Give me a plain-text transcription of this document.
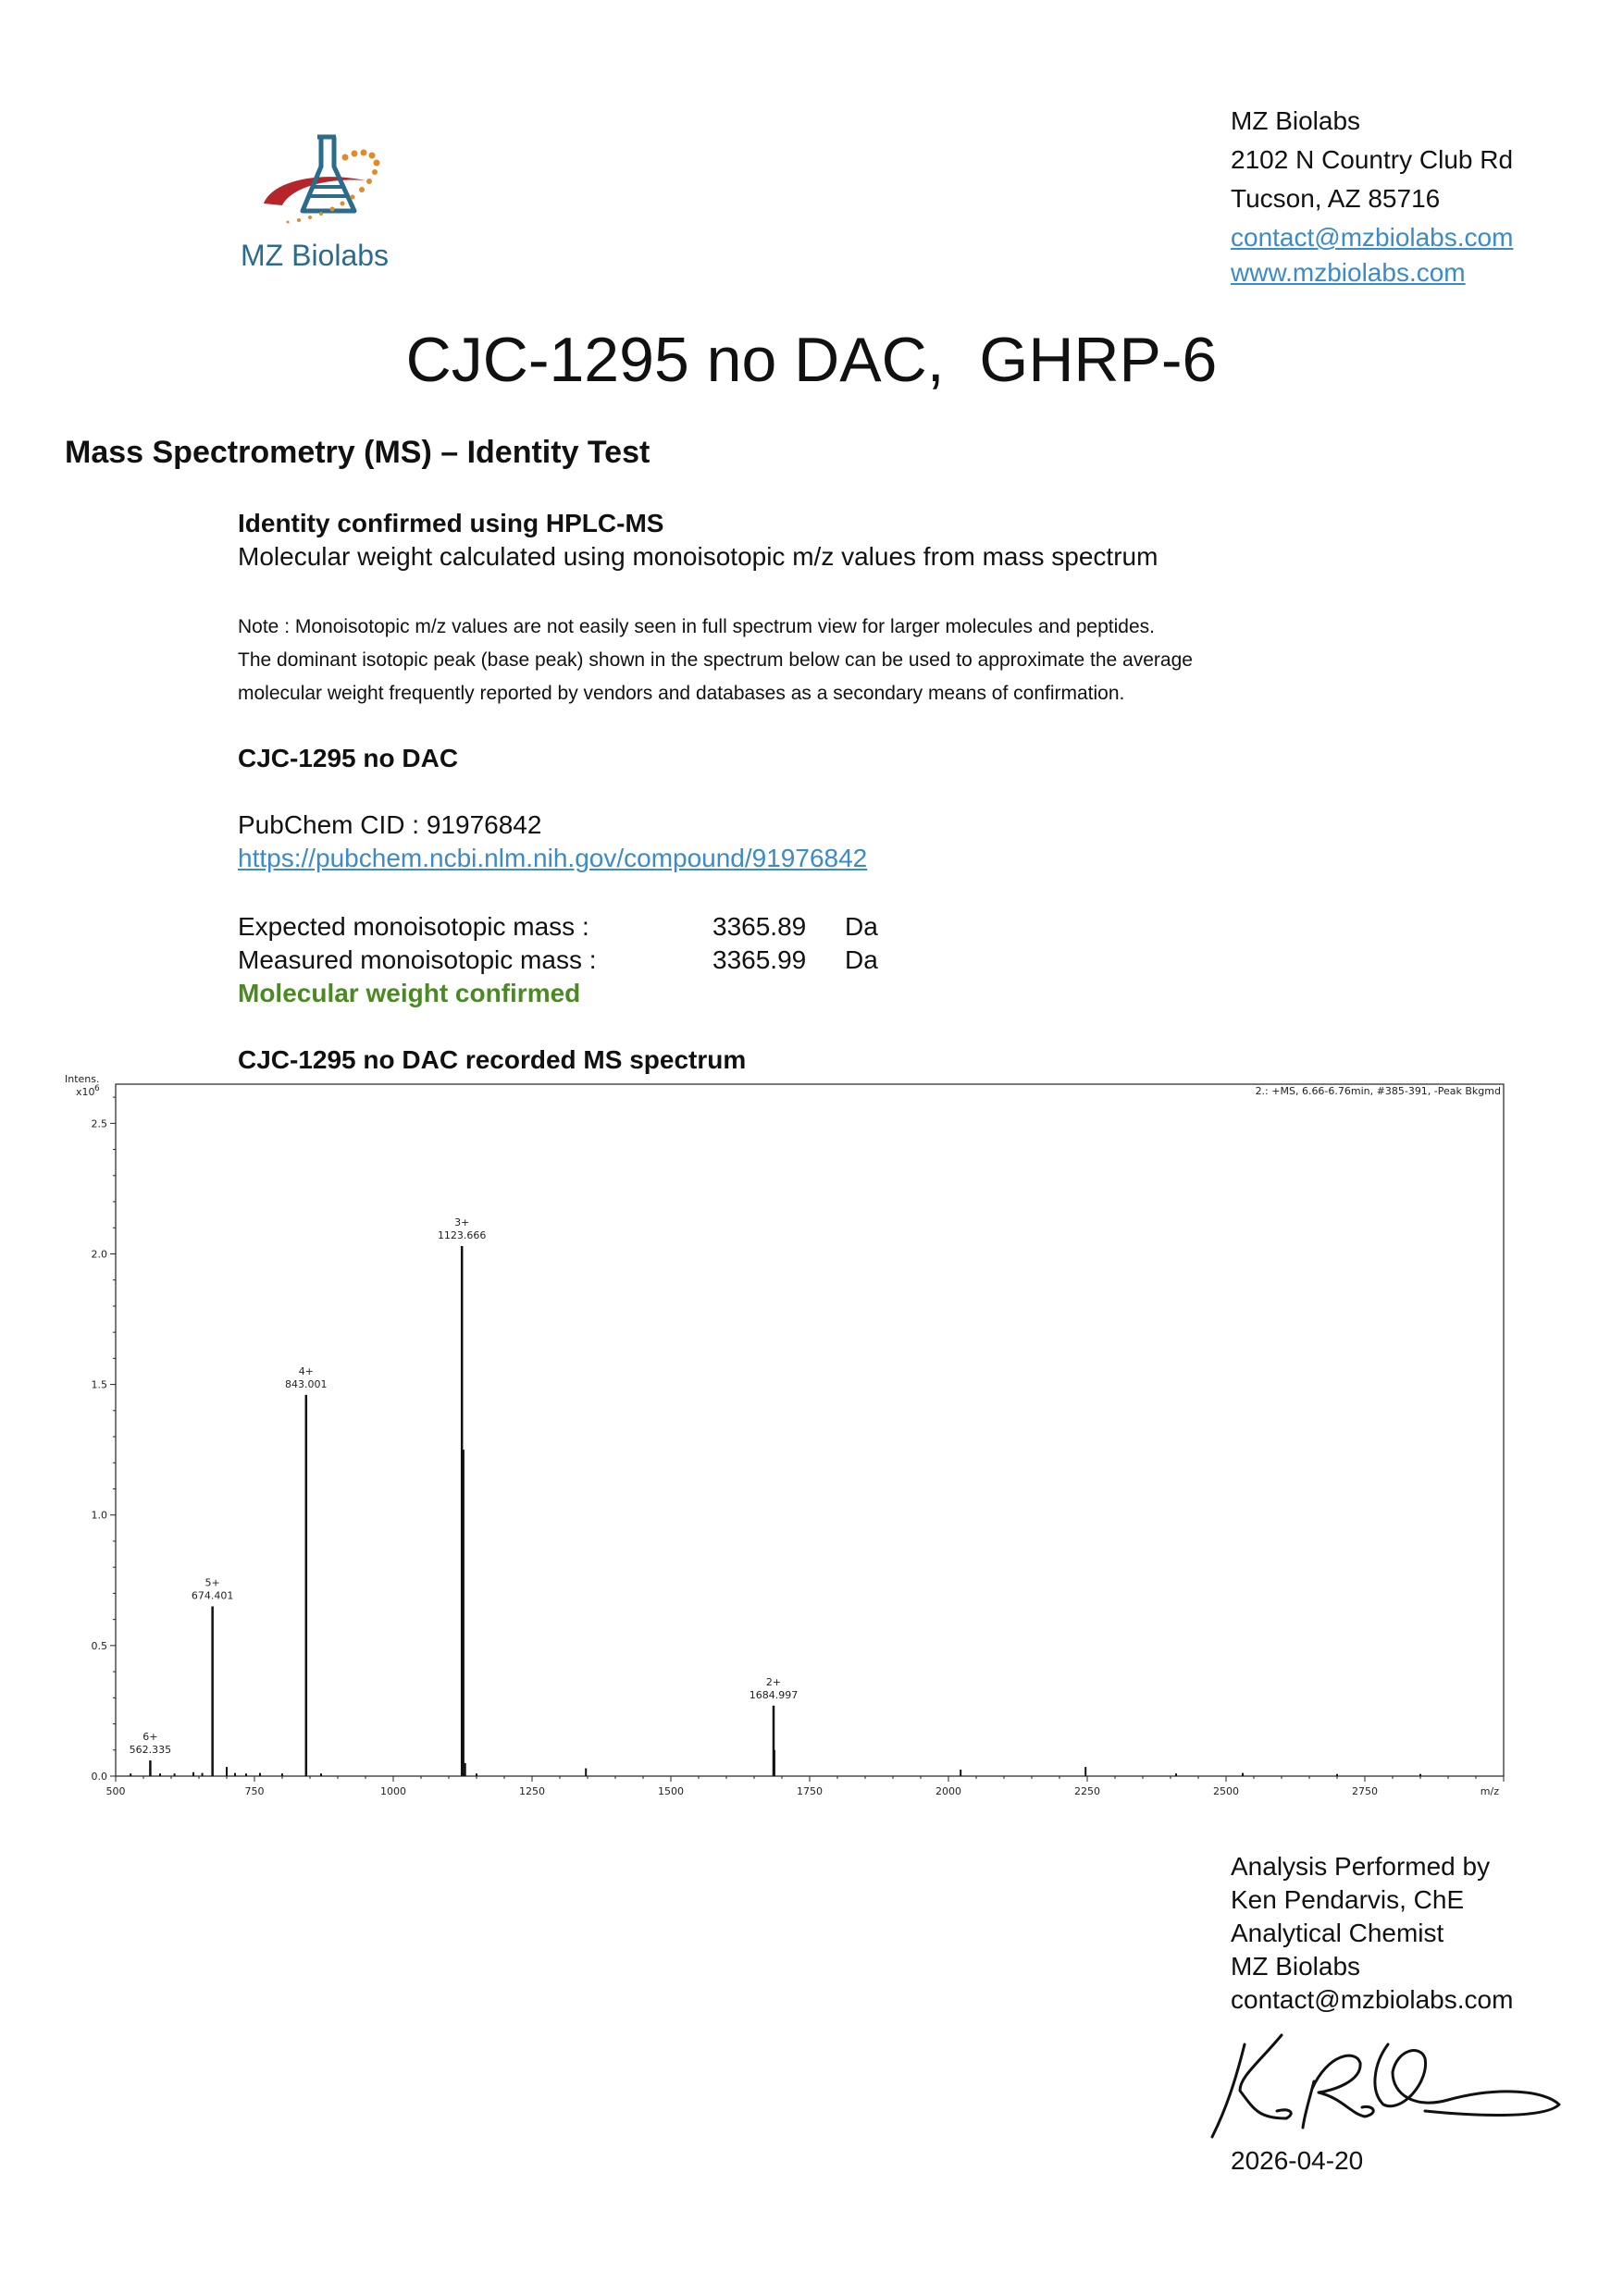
MZ Biolabs
MZ Biolabs
2102 N Country Club Rd
Tucson, AZ 85716
contact@mzbiolabs.com
www.mzbiolabs.com
CJC-1295 no DAC,  GHRP-6
Mass Spectrometry (MS) – Identity Test
Identity confirmed using HPLC-MS
Molecular weight calculated using monoisotopic m/z values from mass spectrum
Note : Monoisotopic m/z values are not easily seen in full spectrum view for larger molecules and peptides.
The dominant isotopic peak (base peak) shown in the spectrum below can be used to approximate the average
molecular weight frequently reported by vendors and databases as a secondary means of confirmation.
CJC-1295 no DAC
PubChem CID : 91976842
https://pubchem.ncbi.nlm.nih.gov/compound/91976842
Expected monoisotopic mass :	3365.89 Da
Measured monoisotopic mass :	3365.99 Da
Molecular weight confirmed
CJC-1295 no DAC recorded MS spectrum
0.0
0.5
1.0
1.5
2.0
2.5
500	750	1000	1250	1500	1750	2000	2250	2500	2750	m/z
Intens.
x10 6	2.: +MS, 6.66-6.76min, #385-391, -Peak Bkgmd
6+
562.335
5+
674.401
4+
843.001
3+
1123.666
2+
1684.997
Analysis Performed by
Ken Pendarvis, ChE
Analytical Chemist
MZ Biolabs
contact@mzbiolabs.com
2026-04-20
